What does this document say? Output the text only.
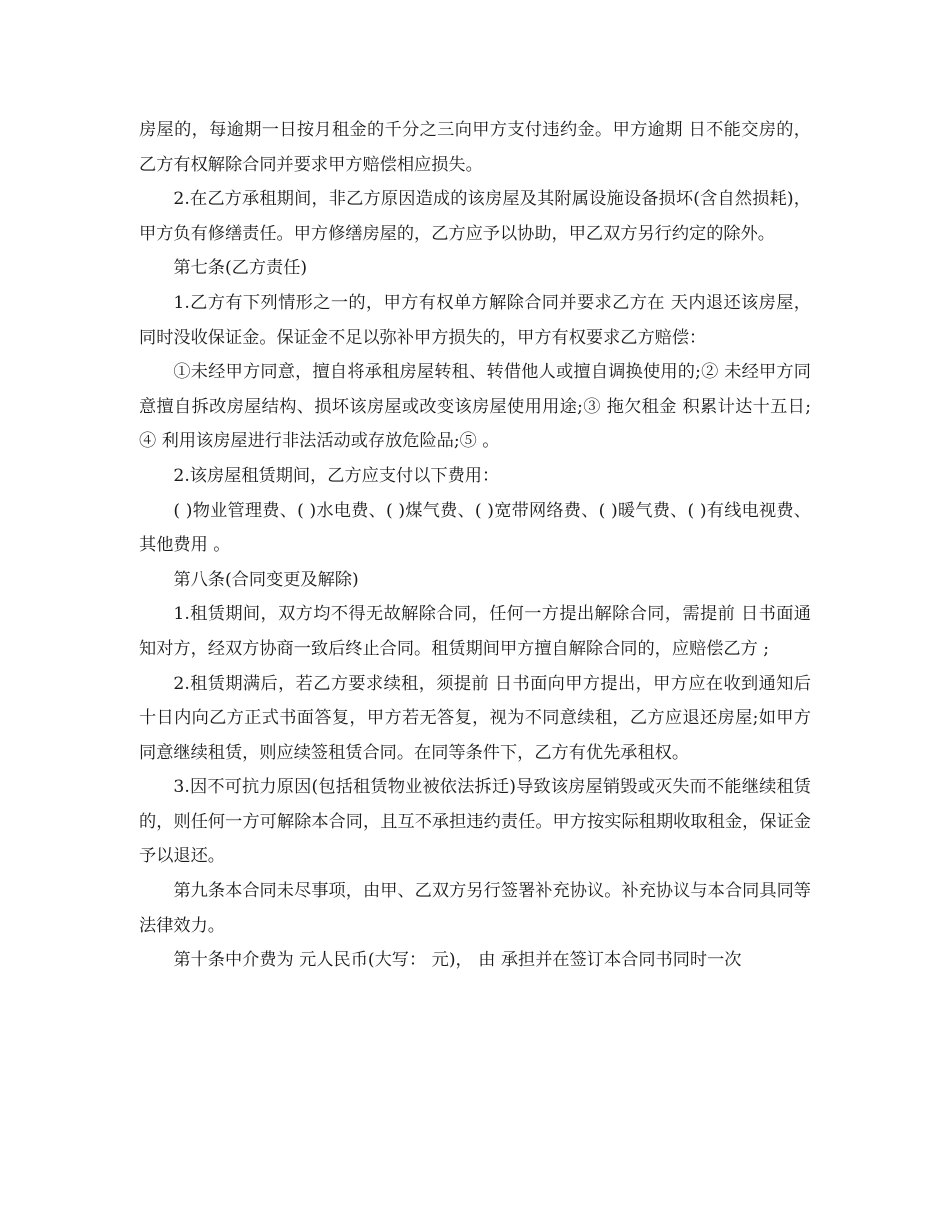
房屋的，每逾期一日按月租金的千分之三向甲方支付违约金。甲方逾期 日不能交房的，乙方有权解除合同并要求甲方赔偿相应损失。

2.在乙方承租期间，非乙方原因造成的该房屋及其附属设施设备损坏(含自然损耗)，甲方负有修缮责任。甲方修缮房屋的，乙方应予以协助，甲乙双方另行约定的除外。

第七条(乙方责任)

1.乙方有下列情形之一的，甲方有权单方解除合同并要求乙方在 天内退还该房屋，同时没收保证金。保证金不足以弥补甲方损失的，甲方有权要求乙方赔偿：

①未经甲方同意，擅自将承租房屋转租、转借他人或擅自调换使用的;② 未经甲方同意擅自拆改房屋结构、损坏该房屋或改变该房屋使用用途;③ 拖欠租金 积累计达十五日;④ 利用该房屋进行非法活动或存放危险品;⑤ 。

2.该房屋租赁期间，乙方应支付以下费用：

( )物业管理费、( )水电费、( )煤气费、( )宽带网络费、( )暖气费、( )有线电视费、其他费用 。

第八条(合同变更及解除)

1.租赁期间，双方均不得无故解除合同，任何一方提出解除合同，需提前 日书面通知对方，经双方协商一致后终止合同。租赁期间甲方擅自解除合同的，应赔偿乙方 ;

2.租赁期满后，若乙方要求续租，须提前 日书面向甲方提出，甲方应在收到通知后十日内向乙方正式书面答复，甲方若无答复，视为不同意续租，乙方应退还房屋;如甲方同意继续租赁，则应续签租赁合同。在同等条件下，乙方有优先承租权。

3.因不可抗力原因(包括租赁物业被依法拆迁)导致该房屋销毁或灭失而不能继续租赁的，则任何一方可解除本合同，且互不承担违约责任。甲方按实际租期收取租金，保证金予以退还。

第九条本合同未尽事项，由甲、乙双方另行签署补充协议。补充协议与本合同具同等法律效力。

第十条中介费为 元人民币(大写： 元)， 由 承担并在签订本合同书同时一次
